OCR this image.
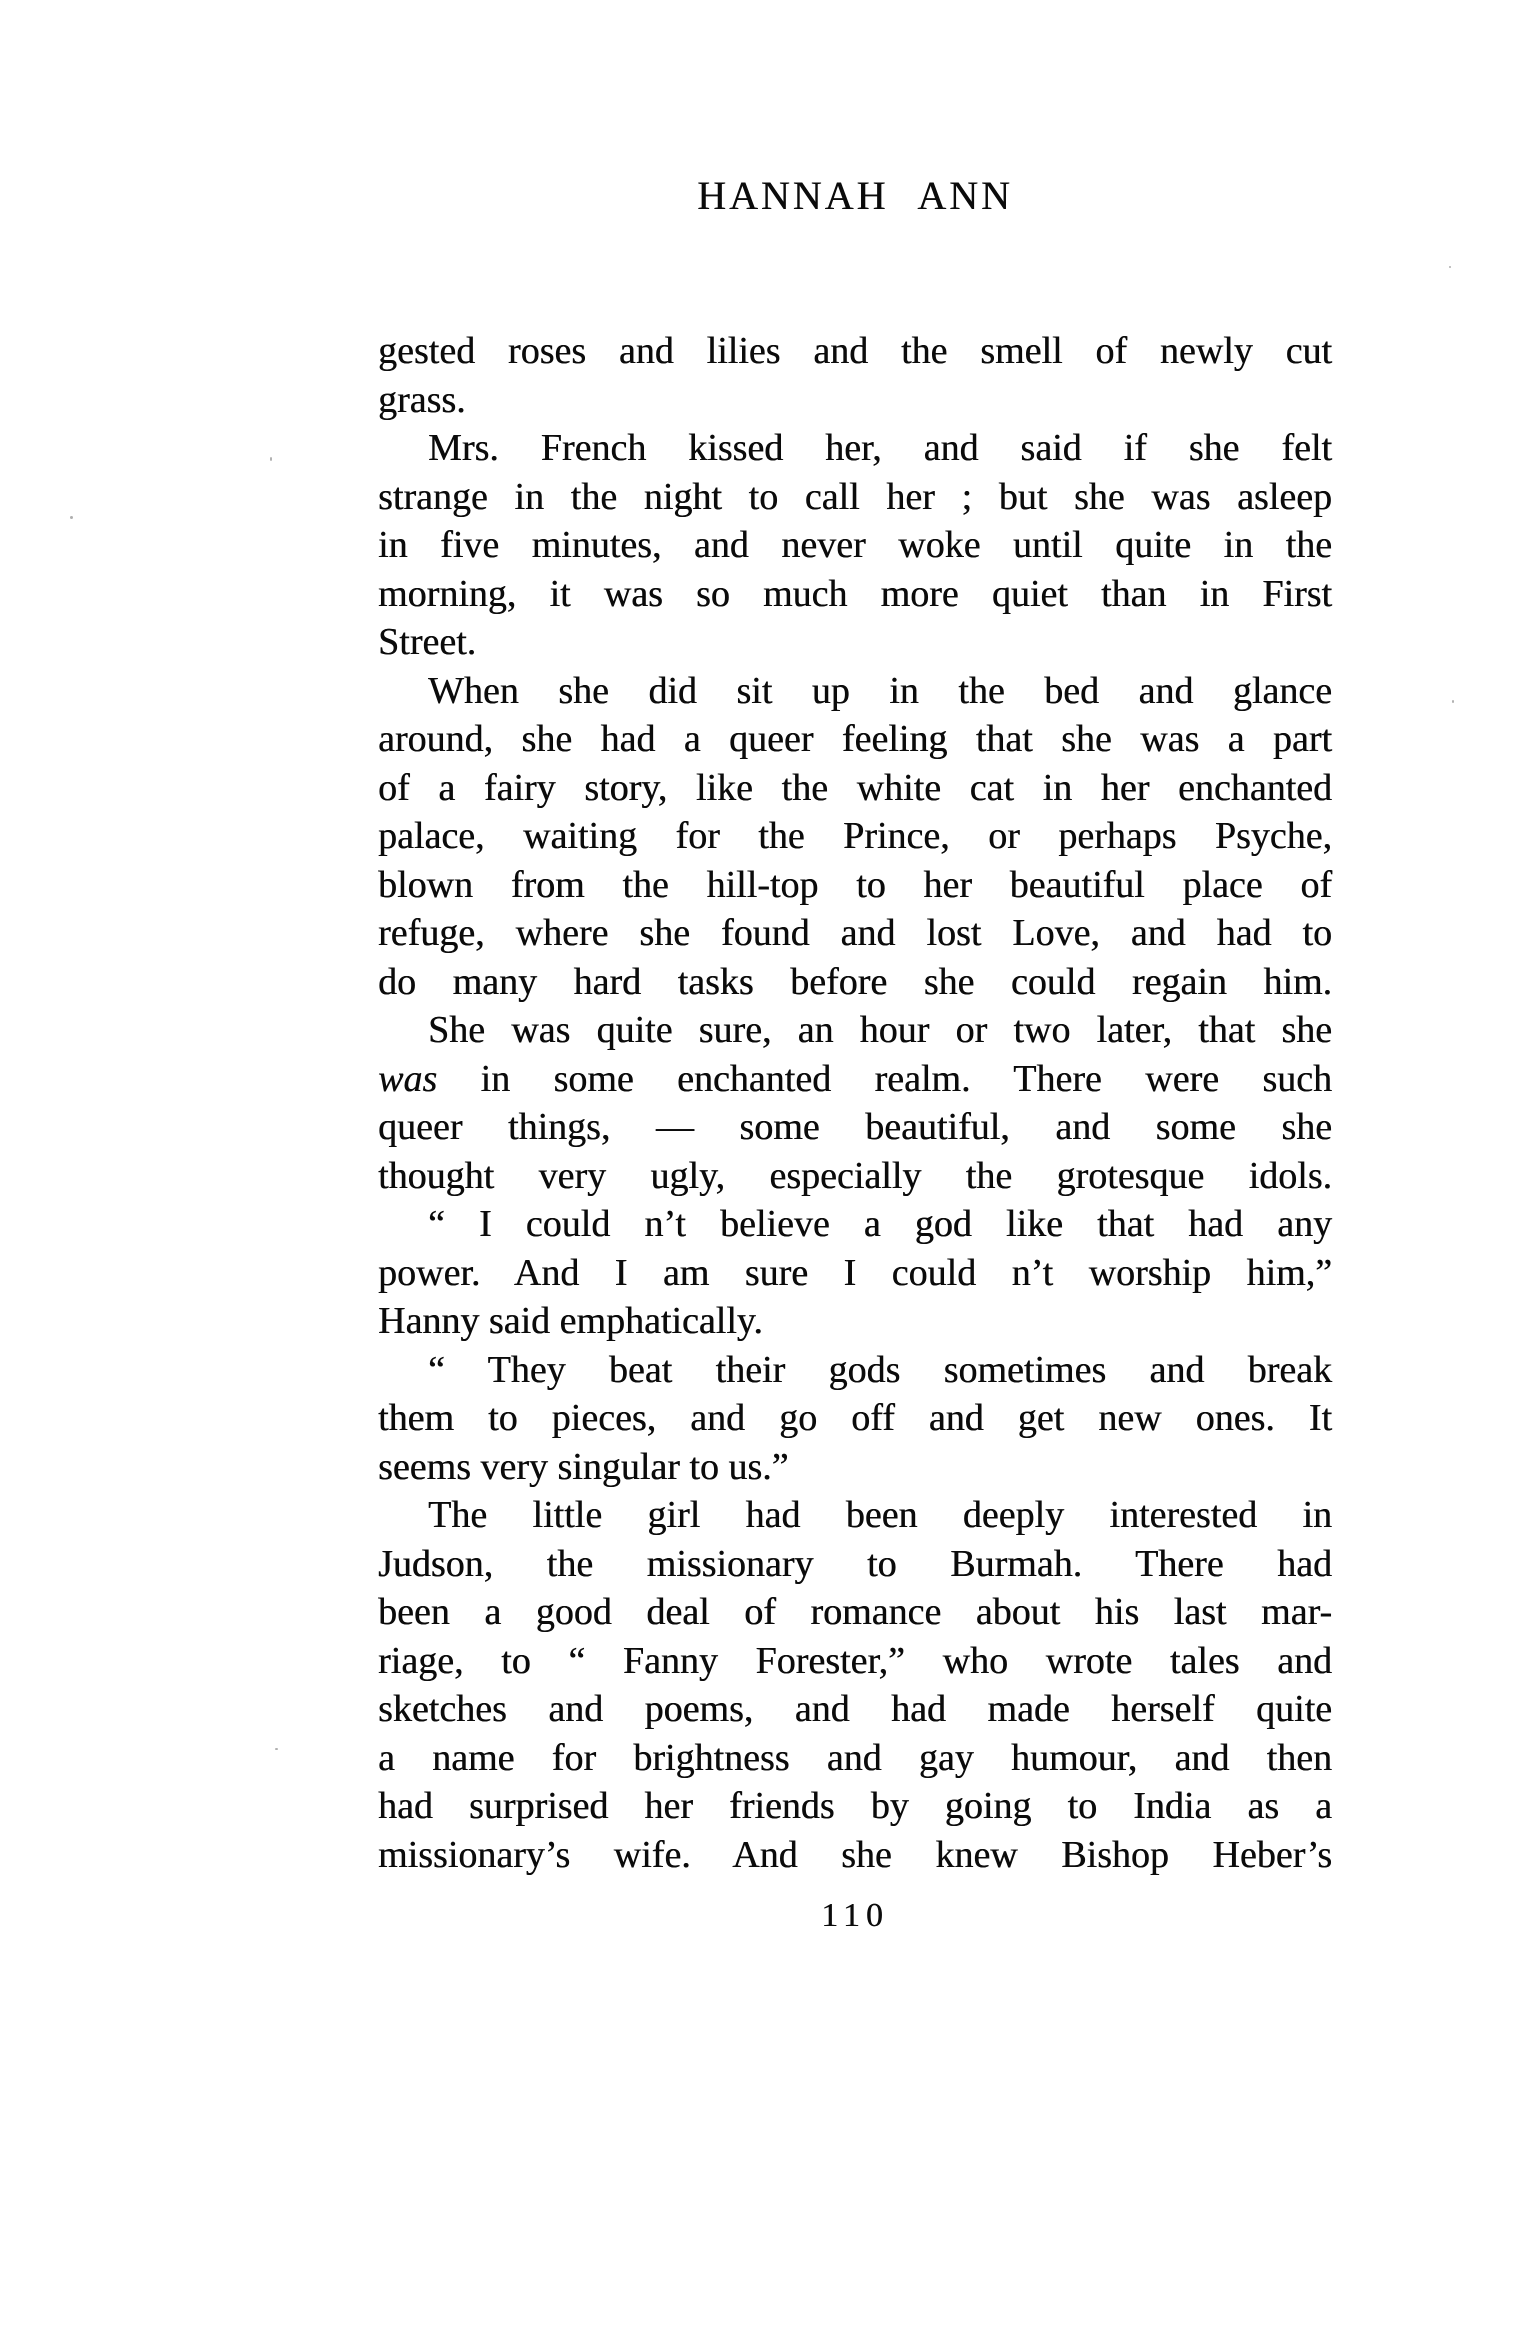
HANNAH ANN
gested roses and lilies and the smell of newly cut
grass.
Mrs. French kissed her, and said if she felt
strange in the night to call her ; but she was asleep
in five minutes, and never woke until quite in the
morning, it was so much more quiet than in First
Street.
When she did sit up in the bed and glance
around, she had a queer feeling that she was a part
of a fairy story, like the white cat in her enchanted
palace, waiting for the Prince, or perhaps Psyche,
blown from the hill-top to her beautiful place of
refuge, where she found and lost Love, and had to
do many hard tasks before she could regain him.
She was quite sure, an hour or two later, that she
was in some enchanted realm. There were such
queer things, — some beautiful, and some she
thought very ugly, especially the grotesque idols.
“ I could n’t believe a god like that had any
power. And I am sure I could n’t worship him,”
Hanny said emphatically.
“ They beat their gods sometimes and break
them to pieces, and go off and get new ones. It
seems very singular to us.”
The little girl had been deeply interested in
Judson, the missionary to Burmah. There had
been a good deal of romance about his last mar-
riage, to “ Fanny Forester,” who wrote tales and
sketches and poems, and had made herself quite
a name for brightness and gay humour, and then
had surprised her friends by going to India as a
missionary’s wife. And she knew Bishop Heber’s
110
